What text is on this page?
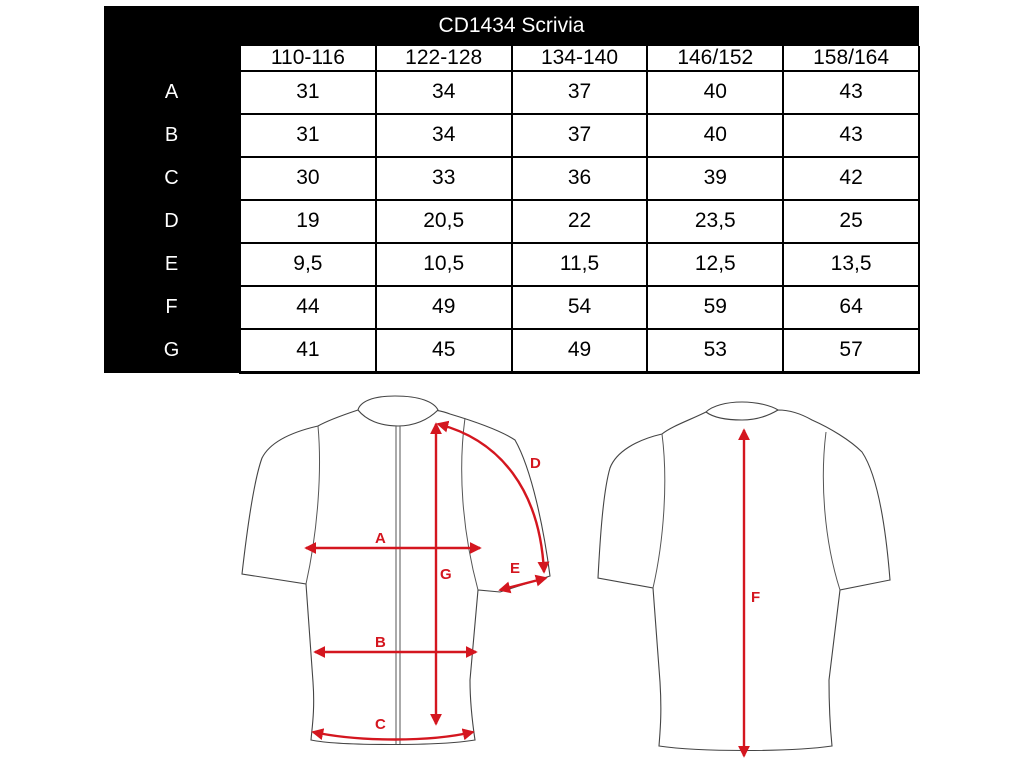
CD1434 Scrivia					
	110-116	122-128	134-140	146/152	158/164
A	31	34	37	40	43
B	31	34	37	40	43
C	30	33	36	39	42
D	19	20,5	22	23,5	25
E	9,5	10,5	11,5	12,5	13,5
F	44	49	54	59	64
G	41	45	49	53	57
A
B
C
D
E
F
G
